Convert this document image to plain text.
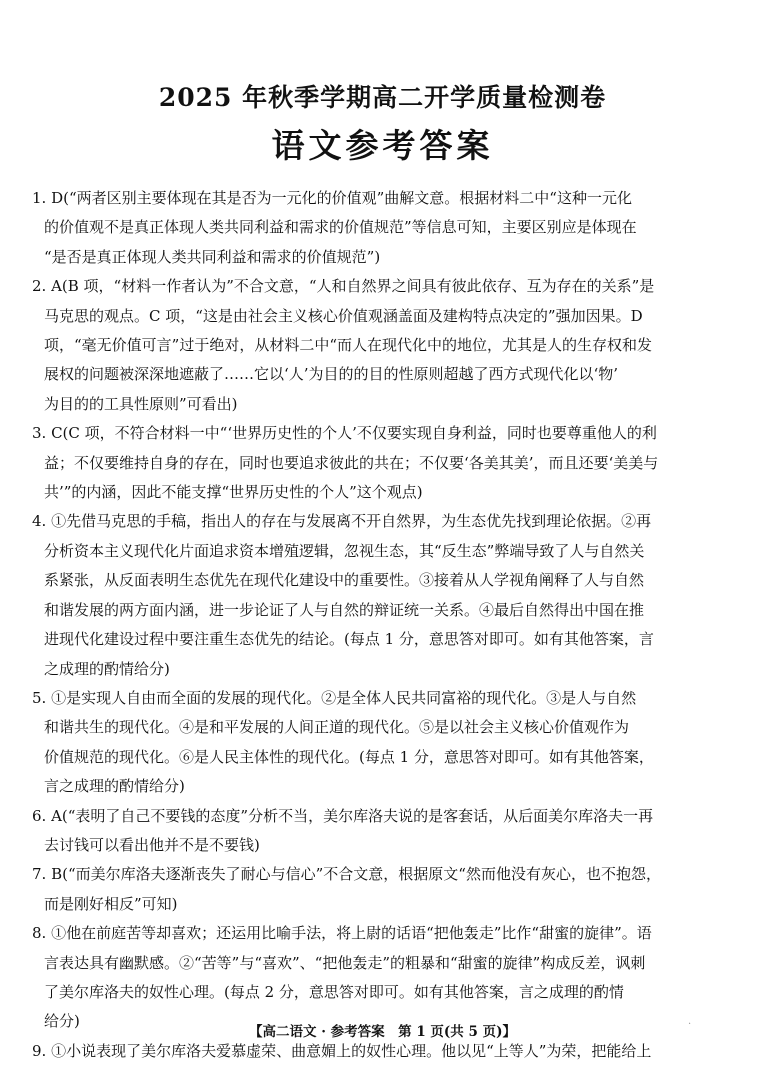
2025 年秋季学期高二开学质量检测卷
语文参考答案
1. D(“两者区别主要体现在其是否为一元化的价值观”曲解文意。根据材料二中“这种一元化
的价值观不是真正体现人类共同利益和需求的价值规范”等信息可知，主要区别应是体现在
“是否是真正体现人类共同利益和需求的价值规范”)
2. A(B 项，“材料一作者认为”不合文意，“人和自然界之间具有彼此依存、互为存在的关系”是
马克思的观点。C 项，“这是由社会主义核心价值观涵盖面及建构特点决定的”强加因果。D
项，“毫无价值可言”过于绝对，从材料二中“而人在现代化中的地位，尤其是人的生存权和发
展权的问题被深深地遮蔽了……它以‘人’为目的的目的性原则超越了西方式现代化以‘物’
为目的的工具性原则”可看出)
3. C(C 项，不符合材料一中“‘世界历史性的个人’不仅要实现自身利益，同时也要尊重他人的利
益；不仅要维持自身的存在，同时也要追求彼此的共在；不仅要‘各美其美’，而且还要‘美美与
共’”的内涵，因此不能支撑“世界历史性的个人”这个观点)
4. ①先借马克思的手稿，指出人的存在与发展离不开自然界，为生态优先找到理论依据。②再
分析资本主义现代化片面追求资本增殖逻辑，忽视生态，其“反生态”弊端导致了人与自然关
系紧张，从反面表明生态优先在现代化建设中的重要性。③接着从人学视角阐释了人与自然
和谐发展的两方面内涵，进一步论证了人与自然的辩证统一关系。④最后自然得出中国在推
进现代化建设过程中要注重生态优先的结论。(每点 1 分，意思答对即可。如有其他答案，言
之成理的酌情给分)
5. ①是实现人自由而全面的发展的现代化。②是全体人民共同富裕的现代化。③是人与自然
和谐共生的现代化。④是和平发展的人间正道的现代化。⑤是以社会主义核心价值观作为
价值规范的现代化。⑥是人民主体性的现代化。(每点 1 分，意思答对即可。如有其他答案，
言之成理的酌情给分)
6. A(“表明了自己不要钱的态度”分析不当，美尔库洛夫说的是客套话，从后面美尔库洛夫一再
去讨钱可以看出他并不是不要钱)
7. B(“而美尔库洛夫逐渐丧失了耐心与信心”不合文意，根据原文“然而他没有灰心，也不抱怨，
而是刚好相反”可知)
8. ①他在前庭苦等却喜欢；还运用比喻手法，将上尉的话语“把他轰走”比作“甜蜜的旋律”。语
言表达具有幽默感。②“苦等”与“喜欢”、“把他轰走”的粗暴和“甜蜜的旋律”构成反差，讽刺
了美尔库洛夫的奴性心理。(每点 2 分，意思答对即可。如有其他答案，言之成理的酌情
给分)
9. ①小说表现了美尔库洛夫爱慕虚荣、曲意媚上的奴性心理。他以见“上等人”为荣，把能给上
【高二语文 · 参考答案　第 1 页(共 5 页)】
.
